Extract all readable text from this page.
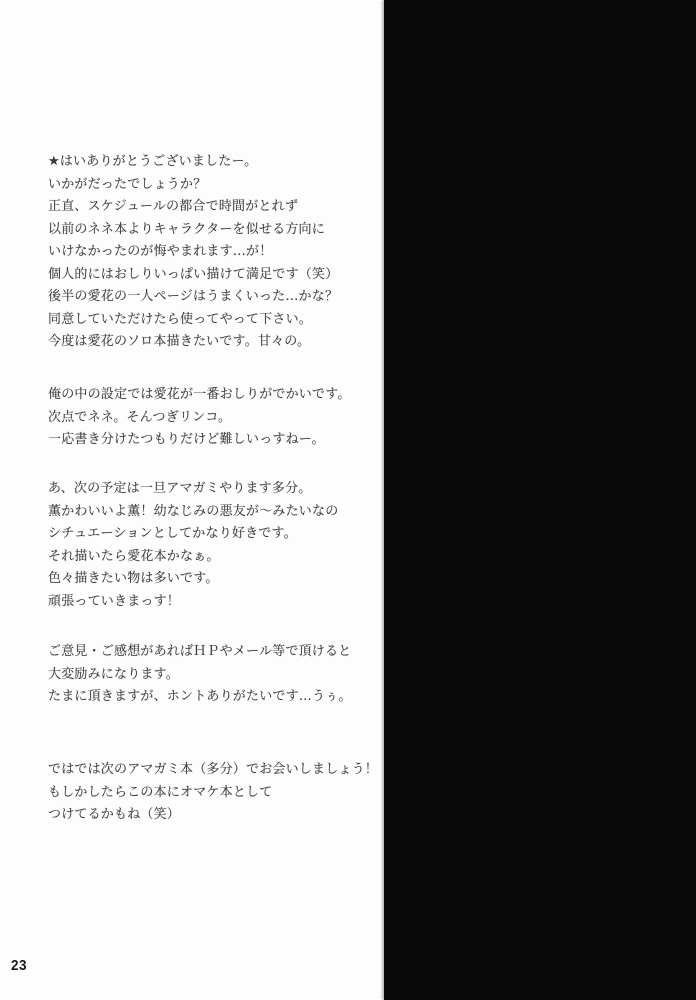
★はいありがとうございましたー。
いかがだったでしょうか？
正直、スケジュールの都合で時間がとれず
以前のネネ本よりキャラクターを似せる方向に
いけなかったのが悔やまれます…が！
個人的にはおしりいっぱい描けて満足です（笑）
後半の愛花の一人ページはうまくいった…かな？
同意していただけたら使ってやって下さい。
今度は愛花のソロ本描きたいです。甘々の。
俺の中の設定では愛花が一番おしりがでかいです。
次点でネネ。そんつぎリンコ。
一応書き分けたつもりだけど難しいっすねー。
あ、次の予定は一旦アマガミやります多分。
薫かわいいよ薫！幼なじみの悪友が～みたいなの
シチュエーションとしてかなり好きです。
それ描いたら愛花本かなぁ。
色々描きたい物は多いです。
頑張っていきまっす！
ご意見・ご感想があればＨＰやメール等で頂けると
大変励みになります。
たまに頂きますが、ホントありがたいです…うぅ。
ではでは次のアマガミ本（多分）でお会いしましょう！
もしかしたらこの本にオマケ本として
つけてるかもね（笑）
23
